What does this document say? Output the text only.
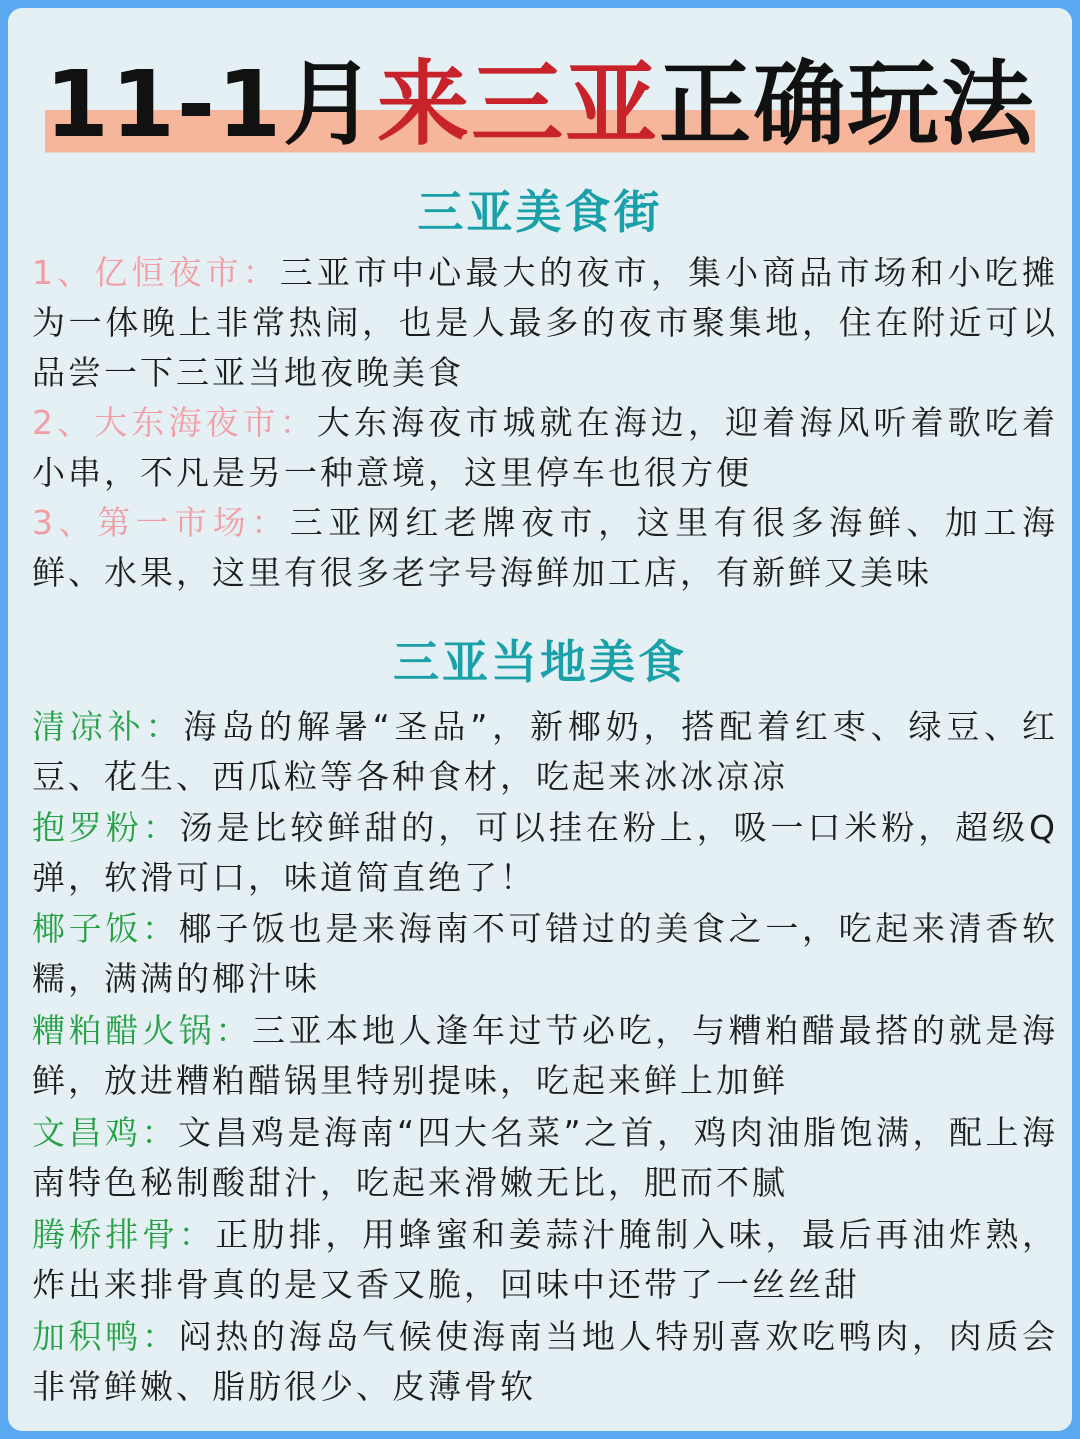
11-1月来三亚正确玩法
三亚美食街
1、亿恒夜市：三亚市中心最大的夜市，集小商品市场和小吃摊为一体晚上非常热闹，也是人最多的夜市聚集地，住在附近可以品尝一下三亚当地夜晚美食
2、大东海夜市：大东海夜市城就在海边，迎着海风听着歌吃着小串，不凡是另一种意境，这里停车也很方便
3、第一市场：三亚网红老牌夜市，这里有很多海鲜、加工海鲜、水果，这里有很多老字号海鲜加工店，有新鲜又美味
三亚当地美食
清凉补：海岛的解暑“圣品”，新椰奶，搭配着红枣、绿豆、红豆、花生、西瓜粒等各种食材，吃起来冰冰凉凉
抱罗粉：汤是比较鲜甜的，可以挂在粉上，吸一口米粉，超级Q弹，软滑可口，味道简直绝了！
椰子饭：椰子饭也是来海南不可错过的美食之一，吃起来清香软糯，满满的椰汁味
糟粕醋火锅：三亚本地人逢年过节必吃，与糟粕醋最搭的就是海鲜，放进糟粕醋锅里特别提味，吃起来鲜上加鲜
文昌鸡：文昌鸡是海南“四大名菜”之首，鸡肉油脂饱满，配上海南特色秘制酸甜汁，吃起来滑嫩无比，肥而不腻
腾桥排骨：正肋排，用蜂蜜和姜蒜汁腌制入味，最后再油炸熟，炸出来排骨真的是又香又脆，回味中还带了一丝丝甜
加积鸭：闷热的海岛气候使海南当地人特别喜欢吃鸭肉，肉质会非常鲜嫩、脂肪很少、皮薄骨软
